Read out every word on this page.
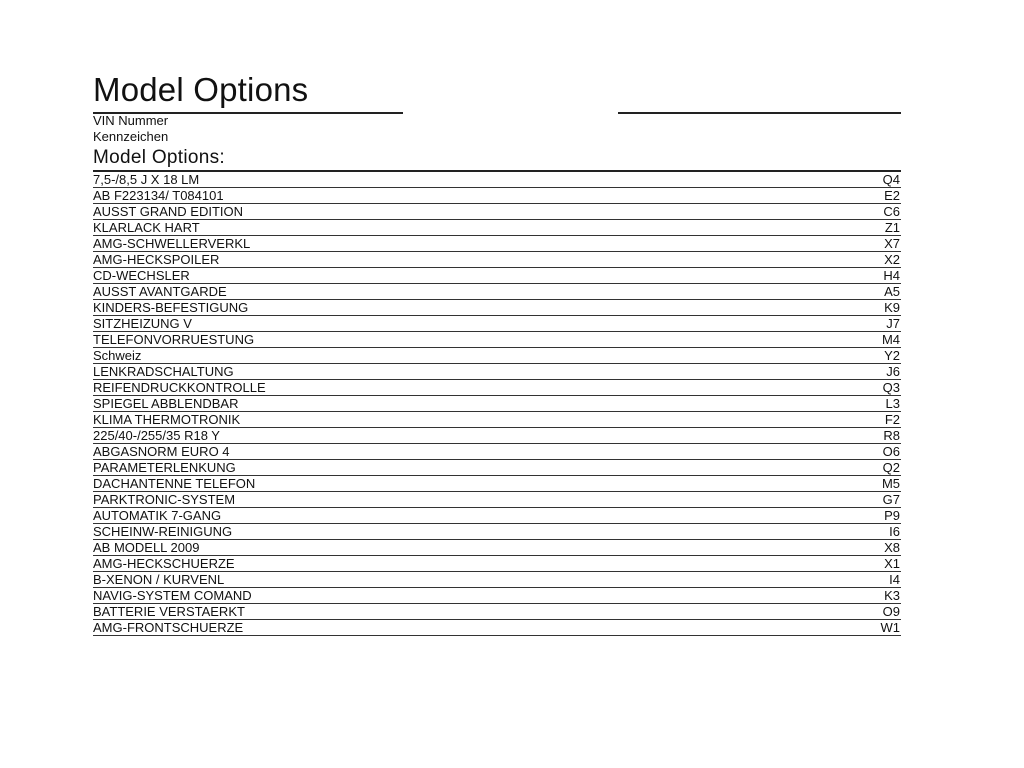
Model Options
VIN Nummer
Kennzeichen
Model Options:
7,5-/8,5 J X 18 LM	Q4
AB F223134/ T084101	E2
AUSST GRAND EDITION	C6
KLARLACK HART	Z1
AMG-SCHWELLERVERKL	X7
AMG-HECKSPOILER	X2
CD-WECHSLER	H4
AUSST AVANTGARDE	A5
KINDERS-BEFESTIGUNG	K9
SITZHEIZUNG V	J7
TELEFONVORRUESTUNG	M4
Schweiz	Y2
LENKRADSCHALTUNG	J6
REIFENDRUCKKONTROLLE	Q3
SPIEGEL ABBLENDBAR	L3
KLIMA THERMOTRONIK	F2
225/40-/255/35 R18 Y	R8
ABGASNORM EURO 4	O6
PARAMETERLENKUNG	Q2
DACHANTENNE TELEFON	M5
PARKTRONIC-SYSTEM	G7
AUTOMATIK 7-GANG	P9
SCHEINW-REINIGUNG	I6
AB MODELL 2009	X8
AMG-HECKSCHUERZE	X1
B-XENON / KURVENL	I4
NAVIG-SYSTEM COMAND	K3
BATTERIE VERSTAERKT	O9
AMG-FRONTSCHUERZE	W1
